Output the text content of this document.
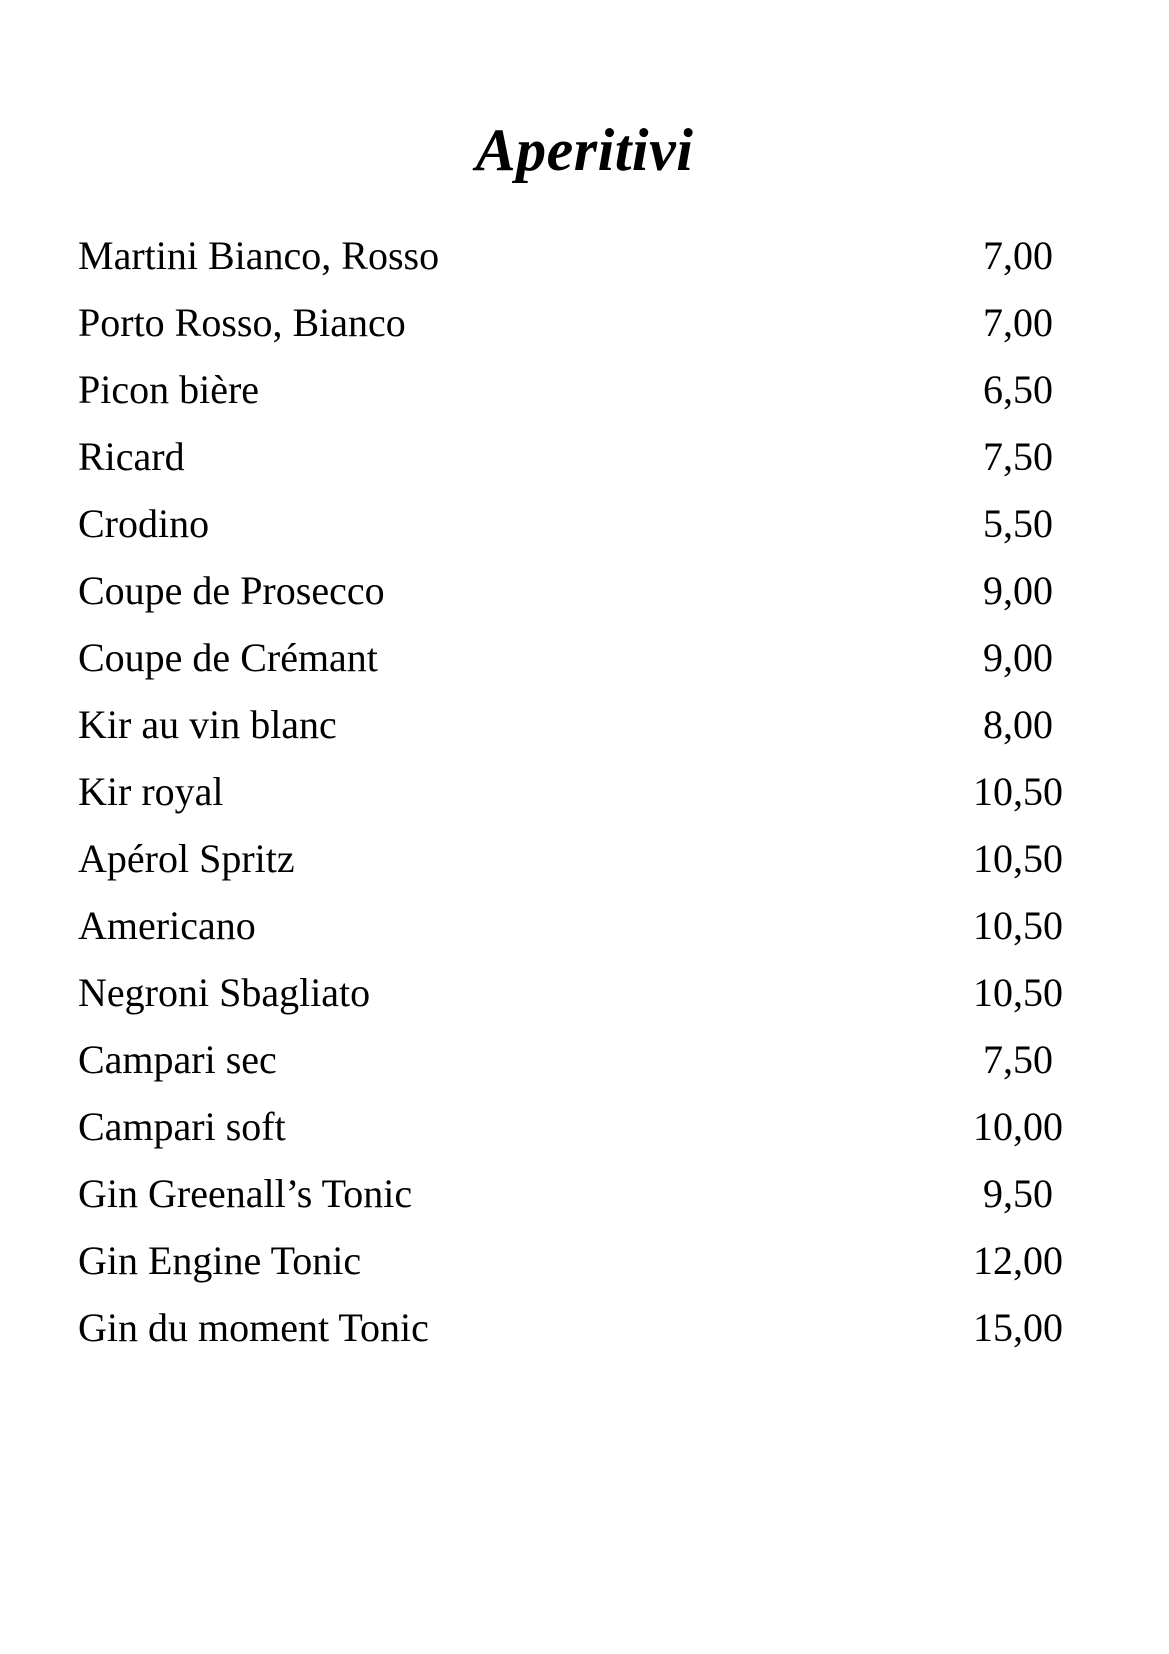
Aperitivi
Martini Bianco, Rosso	7,00
Porto Rosso, Bianco	7,00
Picon bière	6,50
Ricard	7,50
Crodino	5,50
Coupe de Prosecco	9,00
Coupe de Crémant	9,00
Kir au vin blanc	8,00
Kir royal	10,50
Apérol Spritz	10,50
Americano	10,50
Negroni Sbagliato	10,50
Campari sec	7,50
Campari soft	10,00
Gin Greenall’s Tonic	9,50
Gin Engine Tonic	12,00
Gin du moment Tonic	15,00
